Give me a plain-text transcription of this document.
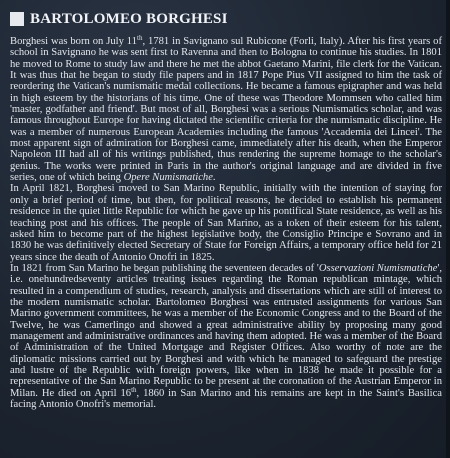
BARTOLOMEO BORGHESI

Borghesi was born on July 11th, 1781 in Savignano sul Rubicone (Forli, Italy). After his first years of school in Savignano he was sent first to Ravenna and then to Bologna to continue his studies. In 1801 he moved to Rome to study law and there he met the abbot Gaetano Marini, file clerk for the Vatican. It was thus that he began to study file papers and in 1817 Pope Pius VII assigned to him the task of reordering the Vatican's numismatic medal collections. He became a famous epigrapher and was held in high esteem by the historians of his time. One of these was Theodore Mommsen who called him 'master, godfather and friend'. But most of all, Borghesi was a serious Numismatics scholar, and was famous throughout Europe for having dictated the scientific criteria for the numismatic discipline. He was a member of numerous European Academies including the famous 'Accademia dei Lincei'. The most apparent sign of admiration for Borghesi came, immediately after his death, when the Emperor Napoleon III had all of his writings published, thus rendering the supreme homage to the scholar's genius. The works were printed in Paris in the author's original language and are divided in five series, one of which being Opere Numismatiche.

In April 1821, Borghesi moved to San Marino Republic, initially with the intention of staying for only a brief period of time, but then, for political reasons, he decided to establish his permanent residence in the quiet little Republic for which he gave up his pontifical State residence, as well as his teaching post and his offices. The people of San Marino, as a token of their esteem for his talent, asked him to become part of the highest legislative body, the Consiglio Principe e Sovrano and in 1830 he was definitively elected Secretary of State for Foreign Affairs, a temporary office held for 21 years since the death of Antonio Onofri in 1825.

In 1821 from San Marino he began publishing the seventeen decades of 'Osservazioni Numismatiche', i.e. onehundredseventy articles treating issues regarding the Roman republican mintage, which resulted in a compendium of studies, research, analysis and dissertations which are still of interest to the modern numismatic scholar. Bartolomeo Borghesi was entrusted assignments for various San Marino government committees, he was a member of the Economic Congress and to the Board of the Twelve, he was Camerlingo and showed a great administrative ability by proposing many good management and administrative ordinances and having them adopted. He was a member of the Board of Administration of the United Mortgage and Register Offices. Also worthy of note are the diplomatic missions carried out by Borghesi and with which he managed to safeguard the prestige and lustre of the Republic with foreign powers, like when in 1838 he made it possible for a representative of the San Marino Republic to be present at the coronation of the Austrian Emperor in Milan. He died on April 16th, 1860 in San Marino and his remains are kept in the Saint's Basilica facing Antonio Onofri's memorial.
